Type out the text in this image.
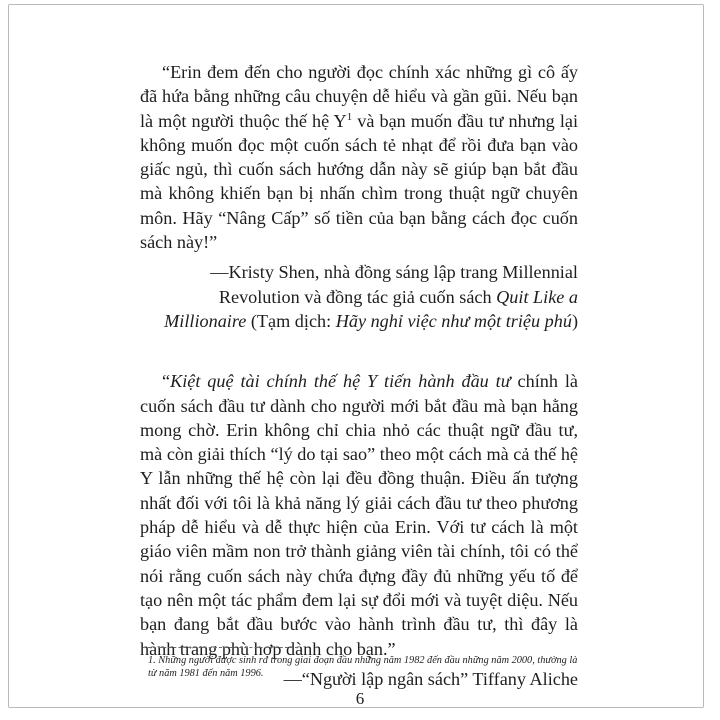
“Erin đem đến cho người đọc chính xác những gì cô ấy đã hứa bằng những câu chuyện dễ hiểu và gần gũi. Nếu bạn là một người thuộc thế hệ $Y^1$ và bạn muốn đầu tư nhưng lại không muốn đọc một cuốn sách tẻ nhạt để rồi đưa bạn vào giấc ngủ, thì cuốn sách hướng dẫn này sẽ giúp bạn bắt đầu mà không khiến bạn bị nhấn chìm trong thuật ngữ chuyên môn. Hãy “Nâng Cấp” số tiền của bạn bằng cách đọc cuốn sách này!”

—Kristy Shen, nhà đồng sáng lập trang Millennial Revolution và đồng tác giả cuốn sách Quit Like a Millionaire (Tạm dịch: Hãy nghỉ việc như một triệu phú)

“Kiệt quệ tài chính thế hệ Y tiến hành đầu tư chính là cuốn sách đầu tư dành cho người mới bắt đầu mà bạn hằng mong chờ. Erin không chỉ chia nhỏ các thuật ngữ đầu tư, mà còn giải thích “lý do tại sao” theo một cách mà cả thế hệ Y lẫn những thế hệ còn lại đều đồng thuận. Điều ấn tượng nhất đối với tôi là khả năng lý giải cách đầu tư theo phương pháp dễ hiểu và dễ thực hiện của Erin. Với tư cách là một giáo viên mầm non trở thành giảng viên tài chính, tôi có thể nói rằng cuốn sách này chứa đựng đầy đủ những yếu tố để tạo nên một tác phẩm đem lại sự đổi mới và tuyệt diệu. Nếu bạn đang bắt đầu bước vào hành trình đầu tư, thì đây là hành trang phù hợp dành cho bạn.”

—“Người lập ngân sách” Tiffany Aliche

1. Những người được sinh ra trong giai đoạn đầu những năm 1982 đến đầu những năm 2000, thường là từ năm 1981 đến năm 1996.
6
